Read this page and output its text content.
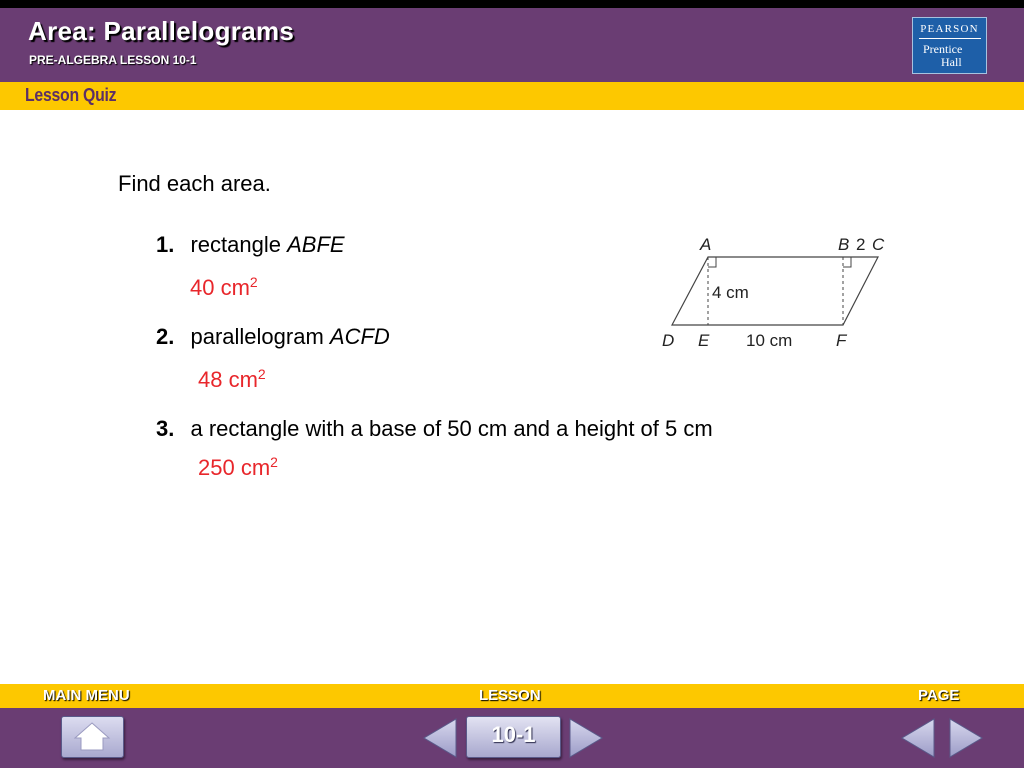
Area: Parallelograms
PRE-ALGEBRA LESSON 10-1
PEARSON
Prentice
Hall
Lesson Quiz
Find each area.
1. rectangle ABFE
40 $cm^2$
2. parallelogram ACFD
48 $cm^2$
3. a rectangle with a base of 50 cm and a height of 5 cm
250 $cm^2$
A	B 2 C
4 cm
D E 10 cm	F
MAIN MENU	LESSON	PAGE
10-1
